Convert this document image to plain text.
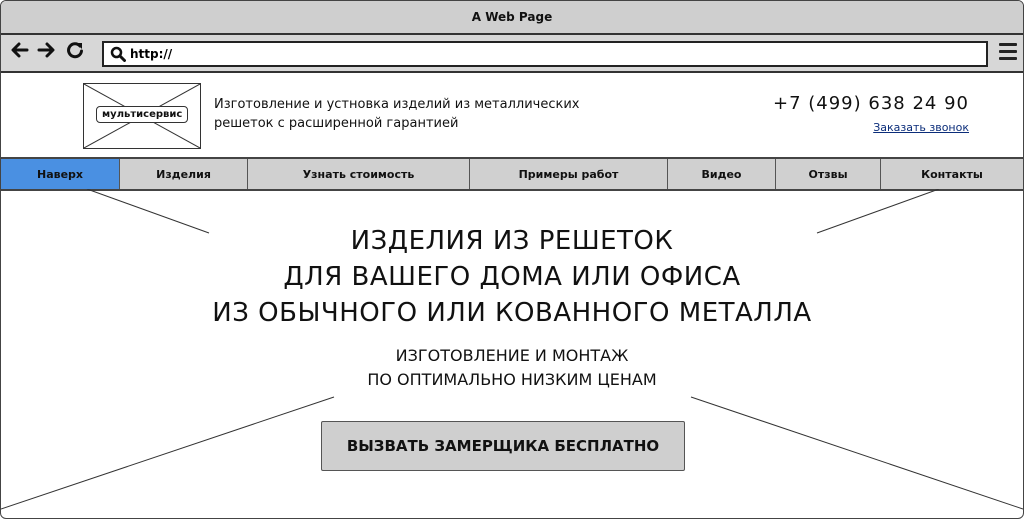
A Web Page
http://
мультисервис
Изготовление и устновка изделий из металлических
решеток с расширенной гарантией
+7 (499) 638 24 90
Заказать звонок
Наверх	Изделия	Узнать стоимость	Примеры работ	Видео	Отзвы	Контакты
ИЗДЕЛИЯ ИЗ РЕШЕТОК
ДЛЯ ВАШЕГО ДОМА ИЛИ ОФИСА
ИЗ ОБЫЧНОГО ИЛИ КОВАННОГО МЕТАЛЛА
ИЗГОТОВЛЕНИЕ И МОНТАЖ
ПО ОПТИМАЛЬНО НИЗКИМ ЦЕНАМ
ВЫЗВАТЬ ЗАМЕРЩИКА БЕСПЛАТНО
